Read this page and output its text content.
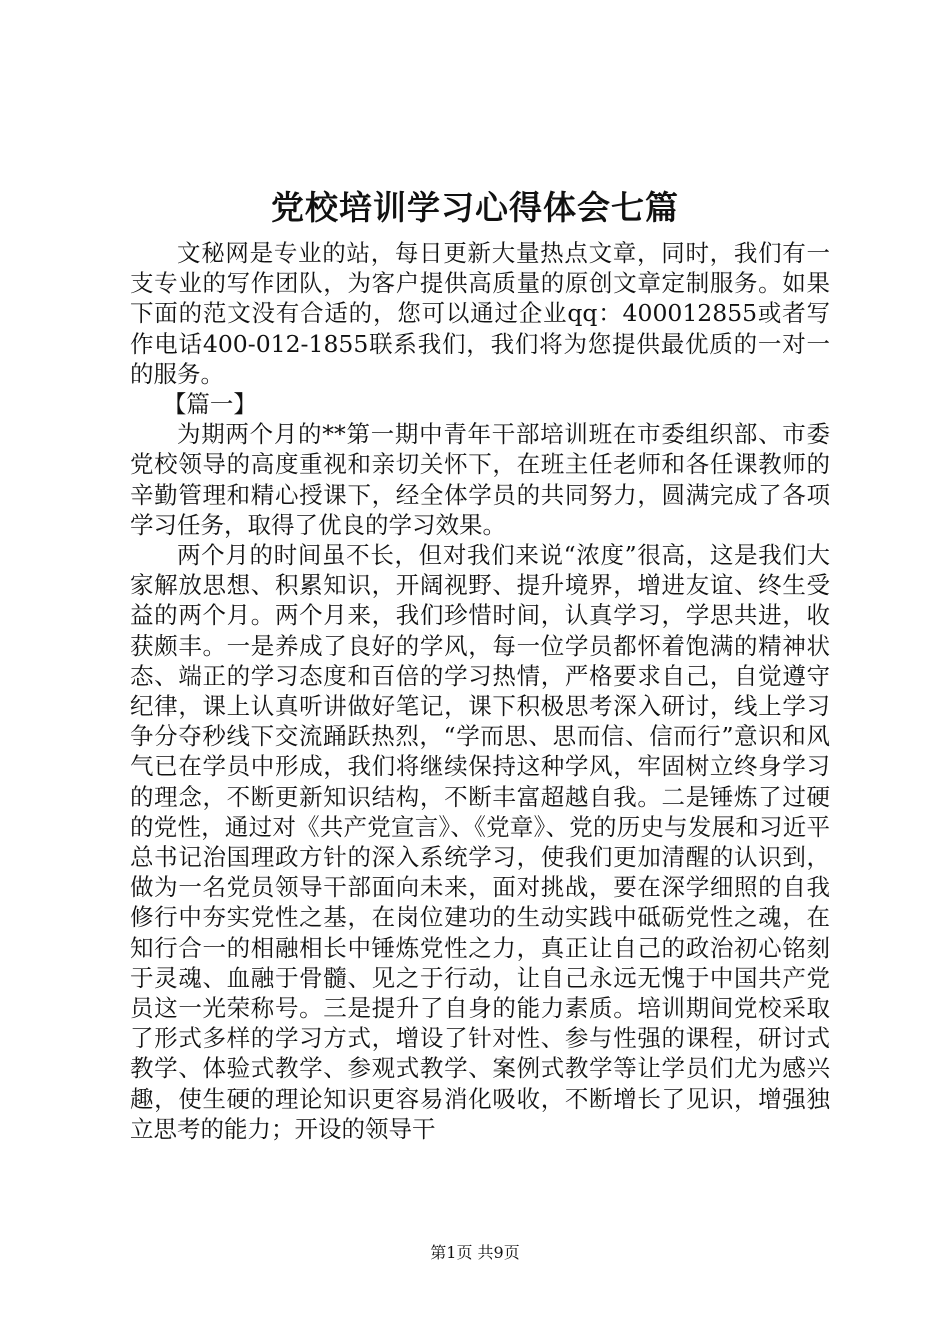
党校培训学习心得体会七篇

文秘网是专业的站，每日更新大量热点文章，同时，我们有一支专业的写作团队，为客户提供高质量的原创文章定制服务。如果下面的范文没有合适的，您可以通过企业qq：400012855或者写作电话400-012-1855联系我们，我们将为您提供最优质的一对一的服务。

【篇一】

为期两个月的**第一期中青年干部培训班在市委组织部、市委党校领导的高度重视和亲切关怀下，在班主任老师和各任课教师的辛勤管理和精心授课下，经全体学员的共同努力，圆满完成了各项学习任务，取得了优良的学习效果。

两个月的时间虽不长，但对我们来说“浓度”很高，这是我们大家解放思想、积累知识，开阔视野、提升境界，增进友谊、终生受益的两个月。两个月来，我们珍惜时间，认真学习，学思共进，收获颇丰。一是养成了良好的学风，每一位学员都怀着饱满的精神状态、端正的学习态度和百倍的学习热情，严格要求自己，自觉遵守纪律，课上认真听讲做好笔记，课下积极思考深入研讨，线上学习争分夺秒线下交流踊跃热烈，“学而思、思而信、信而行”意识和风气已在学员中形成，我们将继续保持这种学风，牢固树立终身学习的理念，不断更新知识结构，不断丰富超越自我。二是锤炼了过硬的党性，通过对《共产党宣言》、《党章》、党的历史与发展和习近平总书记治国理政方针的深入系统学习，使我们更加清醒的认识到，做为一名党员领导干部面向未来，面对挑战，要在深学细照的自我修行中夯实党性之基，在岗位建功的生动实践中砥砺党性之魂，在知行合一的相融相长中锤炼党性之力，真正让自己的政治初心铭刻于灵魂、血融于骨髓、见之于行动，让自己永远无愧于中国共产党员这一光荣称号。三是提升了自身的能力素质。培训期间党校采取了形式多样的学习方式，增设了针对性、参与性强的课程，研讨式教学、体验式教学、参观式教学、案例式教学等让学员们尤为感兴趣，使生硬的理论知识更容易消化吸收，不断增长了见识，增强独立思考的能力；开设的领导干

第1页 共9页
